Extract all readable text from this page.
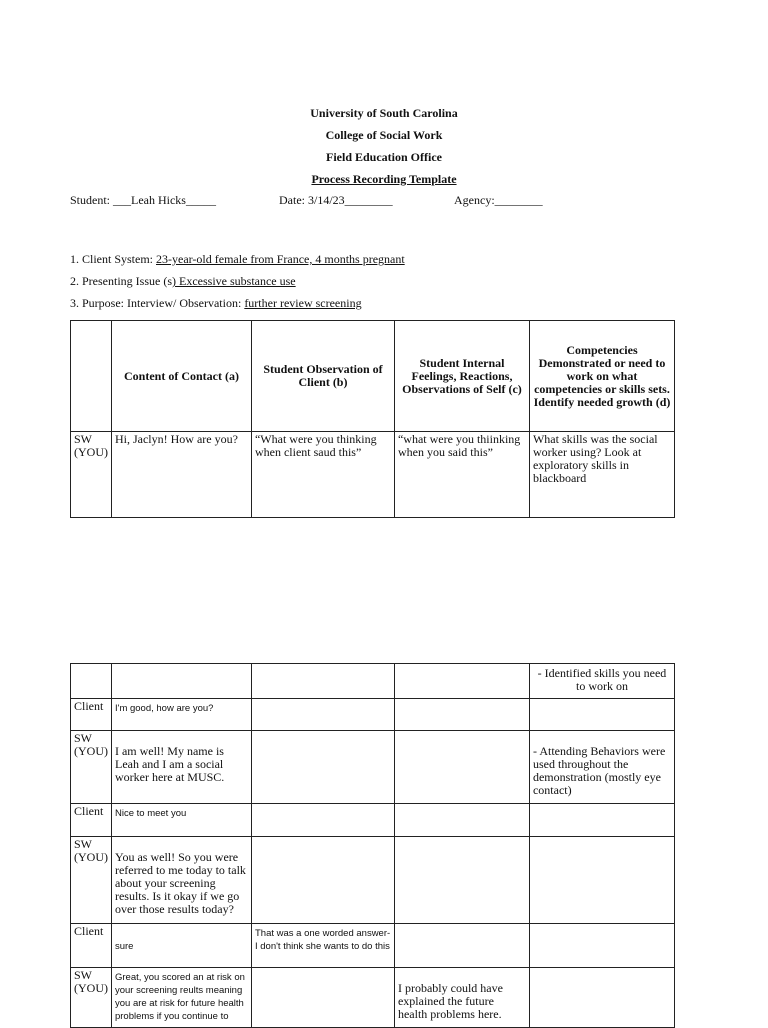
University of South Carolina
College of Social Work
Field Education Office
Process Recording Template
Student: ___Leah Hicks_____	Date: 3/14/23________	Agency:________
1. Client System: 23-year-old female from France, 4 months pregnant
2. Presenting Issue (s) Excessive substance use
3. Purpose: Interview/ Observation: further review screening
	Content of Contact (a)	Student Observation of Client (b)	Student Internal Feelings, Reactions, Observations of Self (c)	Competencies Demonstrated or need to work on what competencies or skills sets. Identify needed growth (d)
SW (YOU)	Hi, Jaclyn! How are you?	“What were you thinking when client saud this”	“what were you thiinking when you said this”	What skills was the social worker using? Look at exploratory skills in blackboard
				- Identified skills you need to work on
Client	I'm good, how are you?			
SW (YOU)	I am well! My name is Leah and I am a social worker here at MUSC.			- Attending Behaviors were used throughout the demonstration (mostly eye contact)
Client	Nice to meet you			
SW (YOU)	You as well! So you were referred to me today to talk about your screening results. Is it okay if we go over those results today?			
Client	sure	That was a one worded answer- I don't think she wants to do this		
SW (YOU)	Great, you scored an at risk on your screening reults meaning you are at risk for future health problems if you continue to		I probably could have explained the future health problems here.	
